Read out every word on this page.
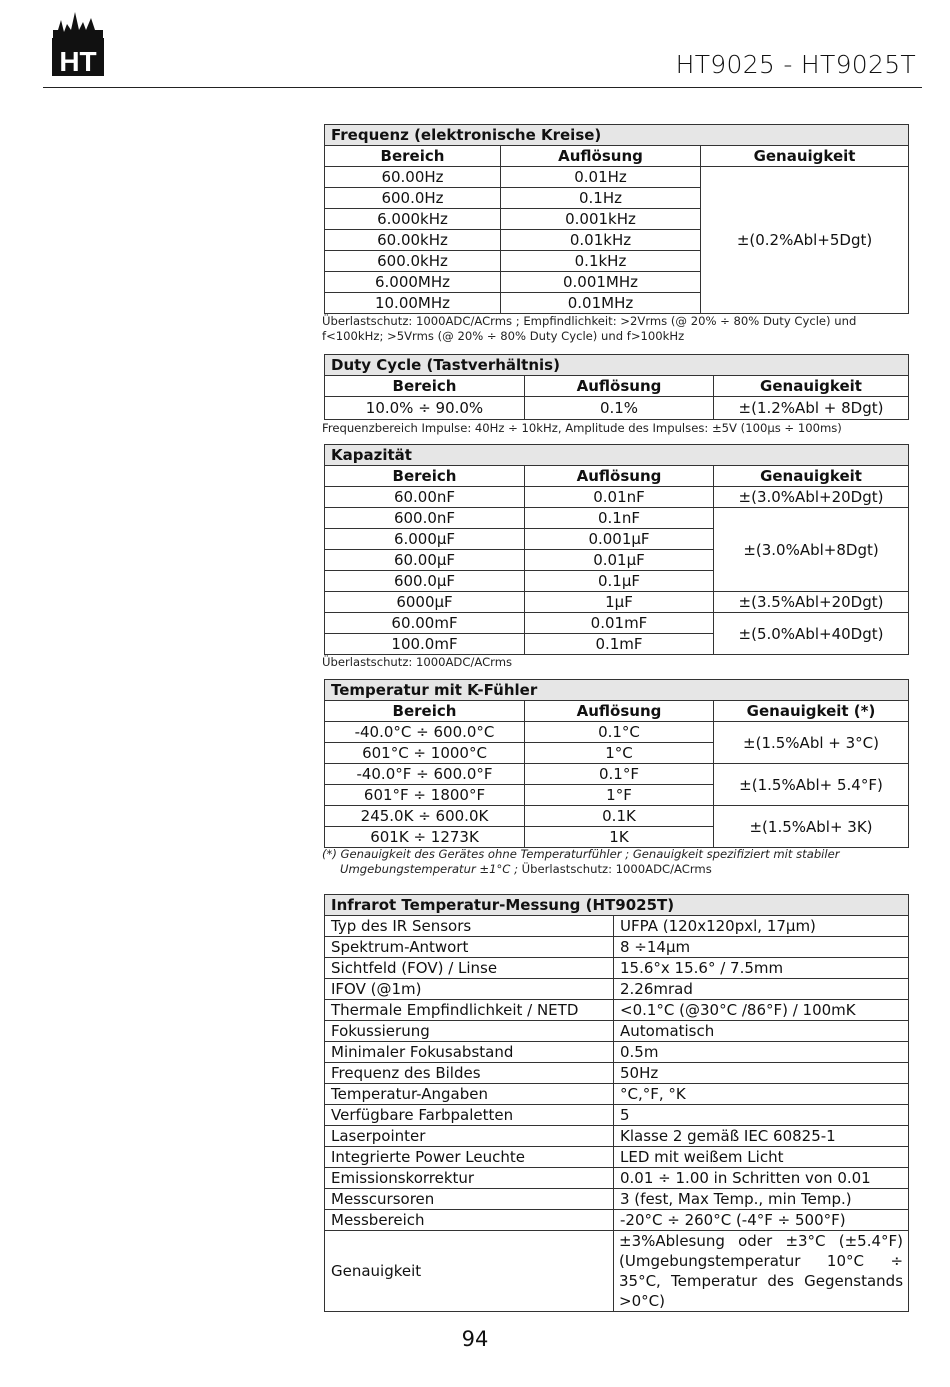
HT	HT9025 - HT9025T
Frequenz (elektronische Kreise)		
Bereich	Auflösung	Genauigkeit
60.00Hz	0.01Hz	±(0.2%Abl+5Dgt)
600.0Hz	0.1Hz	
6.000kHz	0.001kHz	
60.00kHz	0.01kHz	
600.0kHz	0.1kHz	
6.000MHz	0.001MHz	
10.00MHz	0.01MHz	
Überlastschutz: 1000ADC/ACrms ; Empfindlichkeit: >2Vrms (@ 20% ÷ 80% Duty Cycle) und
f<100kHz; >5Vrms (@ 20% ÷ 80% Duty Cycle) und f>100kHz
Duty Cycle (Tastverhältnis)		
Bereich	Auflösung	Genauigkeit
10.0% ÷ 90.0%	0.1%	±(1.2%Abl + 8Dgt)
Frequenzbereich Impulse: 40Hz ÷ 10kHz, Amplitude des Impulses: ±5V (100μs ÷ 100ms)
Kapazität		
Bereich	Auflösung	Genauigkeit
60.00nF	0.01nF	±(3.0%Abl+20Dgt)
600.0nF	0.1nF	±(3.0%Abl+8Dgt)
6.000μF	0.001μF	
60.00μF	0.01μF	
600.0μF	0.1μF	
6000μF	1μF	±(3.5%Abl+20Dgt)
60.00mF	0.01mF	±(5.0%Abl+40Dgt)
100.0mF	0.1mF	
Überlastschutz: 1000ADC/ACrms
Temperatur mit K-Fühler		
Bereich	Auflösung	Genauigkeit (*)
-40.0°C ÷ 600.0°C	0.1°C	±(1.5%Abl + 3°C)
601°C ÷ 1000°C	1°C	
-40.0°F ÷ 600.0°F	0.1°F	±(1.5%Abl+ 5.4°F)
601°F ÷ 1800°F	1°F	
245.0K ÷ 600.0K	0.1K	±(1.5%Abl+ 3K)
601K ÷ 1273K	1K	
(*) Genauigkeit des Gerätes ohne Temperaturfühler ; Genauigkeit spezifiziert mit stabiler
Umgebungstemperatur ±1°C ; Überlastschutz: 1000ADC/ACrms
Infrarot Temperatur-Messung (HT9025T)	
Typ des IR Sensors	UFPA (120x120pxl, 17μm)
Spektrum-Antwort	8 ÷14μm
Sichtfeld (FOV) / Linse	15.6°x 15.6° / 7.5mm
IFOV (@1m)	2.26mrad
Thermale Empfindlichkeit / NETD	<0.1°C (@30°C /86°F) / 100mK
Fokussierung	Automatisch
Minimaler Fokusabstand	0.5m
Frequenz des Bildes	50Hz
Temperatur-Angaben	°C,°F, °K
Verfügbare Farbpaletten	5
Laserpointer	Klasse 2 gemäß IEC 60825-1
Integrierte Power Leuchte	LED mit weißem Licht
Emissionskorrektur	0.01 ÷ 1.00 in Schritten von 0.01
Messcursoren	3 (fest, Max Temp., min Temp.)
Messbereich	-20°C ÷ 260°C (-4°F ÷ 500°F)
Genauigkeit	±3%Ablesung oder ±3°C (±5.4°F) (Umgebungstemperatur 10°C ÷ 35°C, Temperatur des Gegenstands >0°C)
94
